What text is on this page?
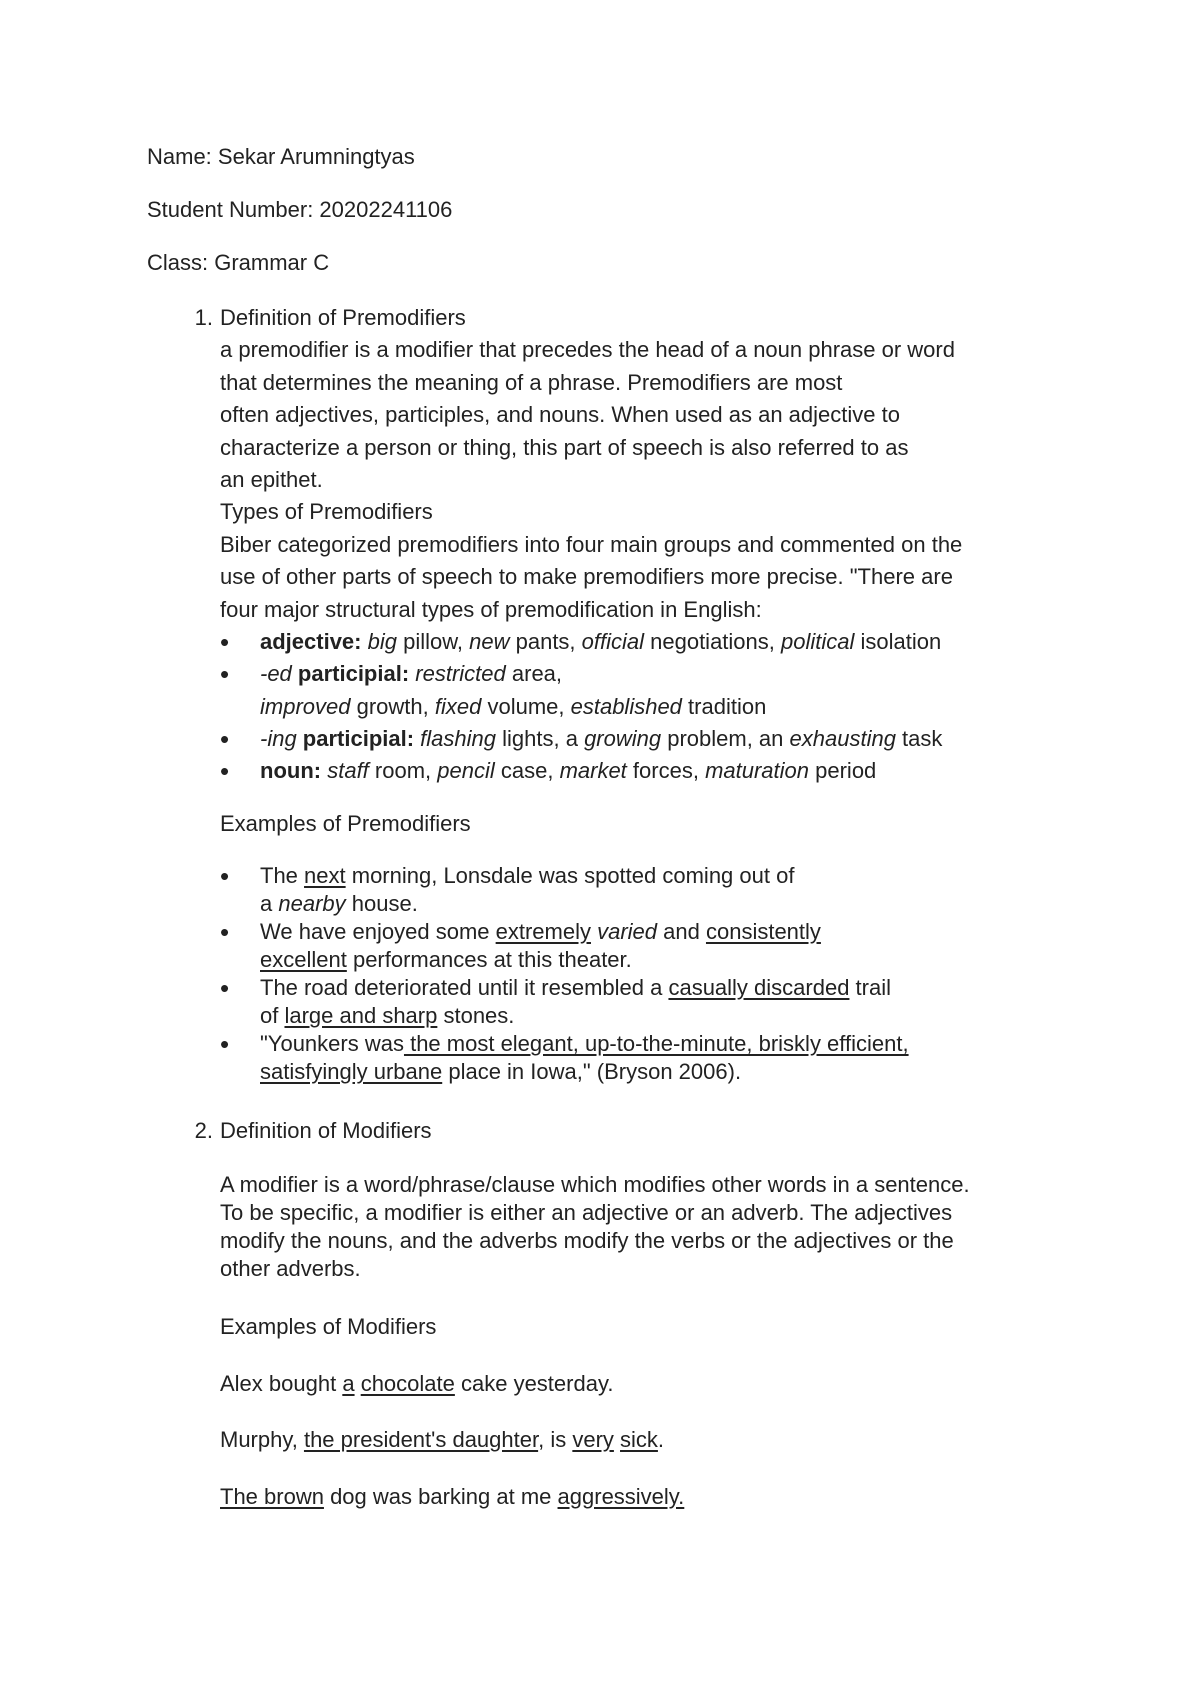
Name: Sekar Arumningtyas
Student Number: 20202241106
Class: Grammar C
1. Definition of Premodifiers
a premodifier is a modifier that precedes the head of a noun phrase or word
that determines the meaning of a phrase. Premodifiers are most
often adjectives, participles, and nouns. When used as an adjective to
characterize a person or thing, this part of speech is also referred to as
an epithet.
Types of Premodifiers
Biber categorized premodifiers into four main groups and commented on the
use of other parts of speech to make premodifiers more precise. "There are
four major structural types of premodification in English:
• adjective: big pillow, new pants, official negotiations, political isolation
• -ed participial: restricted area,
improved growth, fixed volume, established tradition
• -ing participial: flashing lights, a growing problem, an exhausting task
• noun: staff room, pencil case, market forces, maturation period
Examples of Premodifiers
• The next morning, Lonsdale was spotted coming out of
a nearby house.
• We have enjoyed some extremely varied and consistently
excellent performances at this theater.
• The road deteriorated until it resembled a casually discarded trail
of large and sharp stones.
• "Younkers was the most elegant, up-to-the-minute, briskly efficient,
satisfyingly urbane place in Iowa," (Bryson 2006).
2. Definition of Modifiers
A modifier is a word/phrase/clause which modifies other words in a sentence.
To be specific, a modifier is either an adjective or an adverb. The adjectives
modify the nouns, and the adverbs modify the verbs or the adjectives or the
other adverbs.
Examples of Modifiers
Alex bought a chocolate cake yesterday.
Murphy, the president's daughter, is very sick.
The brown dog was barking at me aggressively.
